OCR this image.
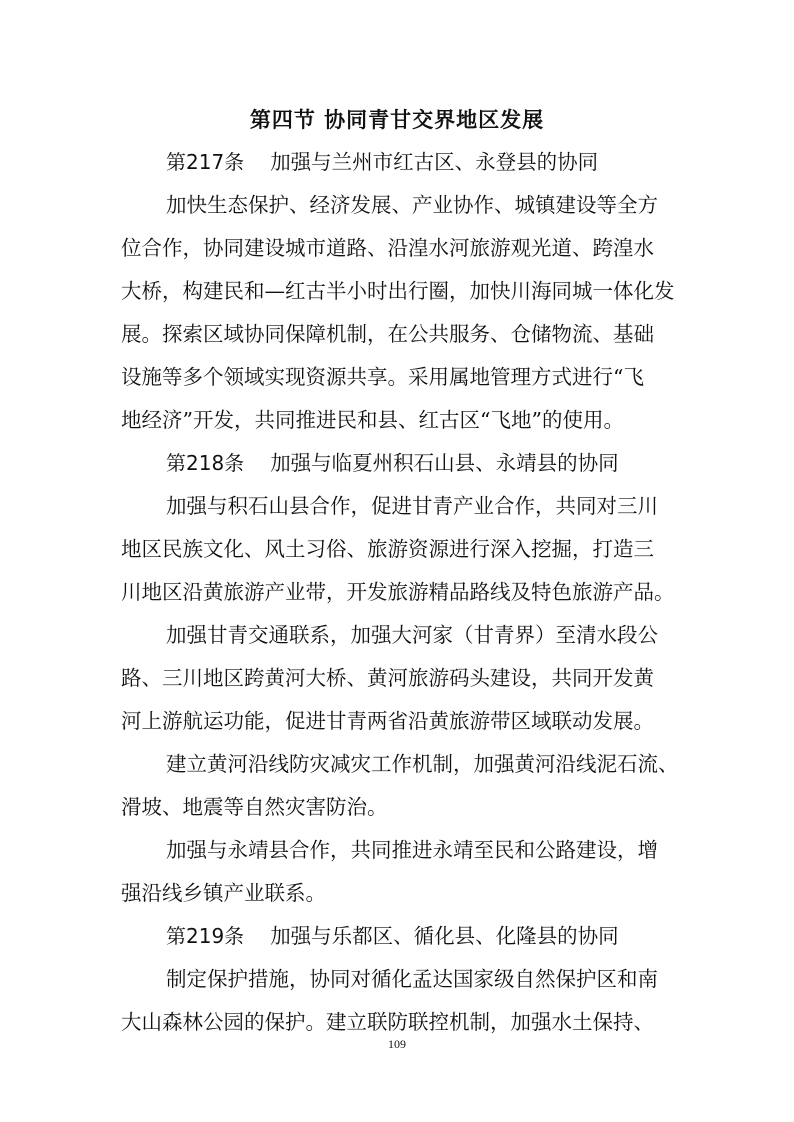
第四节 协同青甘交界地区发展
第217条 加强与兰州市红古区、永登县的协同
加快生态保护、经济发展、产业协作、城镇建设等全方
位合作，协同建设城市道路、沿湟水河旅游观光道、跨湟水
大桥，构建民和—红古半小时出行圈，加快川海同城一体化发
展。探索区域协同保障机制，在公共服务、仓储物流、基础
设施等多个领域实现资源共享。采用属地管理方式进行“飞
地经济”开发，共同推进民和县、红古区“飞地”的使用。
第218条 加强与临夏州积石山县、永靖县的协同
加强与积石山县合作，促进甘青产业合作，共同对三川
地区民族文化、风土习俗、旅游资源进行深入挖掘，打造三
川地区沿黄旅游产业带，开发旅游精品路线及特色旅游产品。
加强甘青交通联系，加强大河家（甘青界）至清水段公
路、三川地区跨黄河大桥、黄河旅游码头建设，共同开发黄
河上游航运功能，促进甘青两省沿黄旅游带区域联动发展。
建立黄河沿线防灾减灾工作机制，加强黄河沿线泥石流、
滑坡、地震等自然灾害防治。
加强与永靖县合作，共同推进永靖至民和公路建设，增
强沿线乡镇产业联系。
第219条 加强与乐都区、循化县、化隆县的协同
制定保护措施，协同对循化孟达国家级自然保护区和南
大山森林公园的保护。建立联防联控机制，加强水土保持、
109
